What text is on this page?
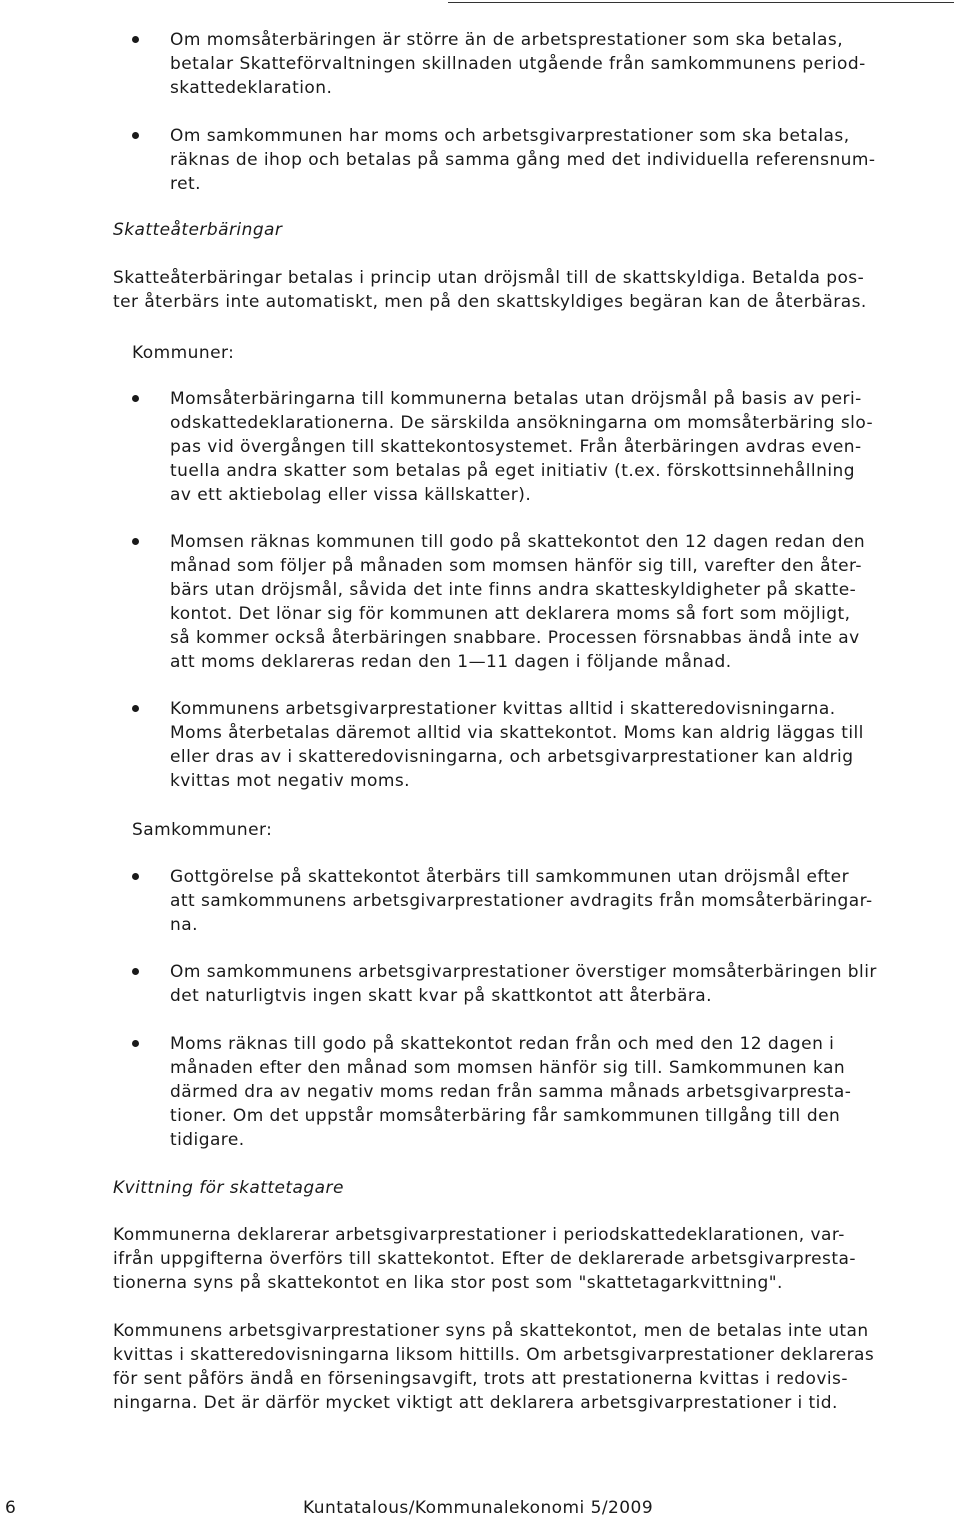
Om momsåterbäringen är större än de arbetsprestationer som ska betalas,
betalar Skatteförvaltningen skillnaden utgående från samkommunens period-
skattedeklaration.
Om samkommunen har moms och arbetsgivarprestationer som ska betalas,
räknas de ihop och betalas på samma gång med det individuella referensnum-
ret.
Skatteåterbäringar
Skatteåterbäringar betalas i princip utan dröjsmål till de skattskyldiga. Betalda pos-
ter återbärs inte automatiskt, men på den skattskyldiges begäran kan de återbäras.
Kommuner:
Momsåterbäringarna till kommunerna betalas utan dröjsmål på basis av peri-
odskattedeklarationerna. De särskilda ansökningarna om momsåterbäring slo-
pas vid övergången till skattekontosystemet. Från återbäringen avdras even-
tuella andra skatter som betalas på eget initiativ (t.ex. förskottsinnehållning
av ett aktiebolag eller vissa källskatter).
Momsen räknas kommunen till godo på skattekontot den 12 dagen redan den
månad som följer på månaden som momsen hänför sig till, varefter den åter-
bärs utan dröjsmål, såvida det inte finns andra skatteskyldigheter på skatte-
kontot. Det lönar sig för kommunen att deklarera moms så fort som möjligt,
så kommer också återbäringen snabbare. Processen försnabbas ändå inte av
att moms deklareras redan den 1—11 dagen i följande månad.
Kommunens arbetsgivarprestationer kvittas alltid i skatteredovisningarna.
Moms återbetalas däremot alltid via skattekontot. Moms kan aldrig läggas till
eller dras av i skatteredovisningarna, och arbetsgivarprestationer kan aldrig
kvittas mot negativ moms.
Samkommuner:
Gottgörelse på skattekontot återbärs till samkommunen utan dröjsmål efter
att samkommunens arbetsgivarprestationer avdragits från momsåterbäringar-
na.
Om samkommunens arbetsgivarprestationer överstiger momsåterbäringen blir
det naturligtvis ingen skatt kvar på skattkontot att återbära.
Moms räknas till godo på skattekontot redan från och med den 12 dagen i
månaden efter den månad som momsen hänför sig till. Samkommunen kan
därmed dra av negativ moms redan från samma månads arbetsgivarpresta-
tioner. Om det uppstår momsåterbäring får samkommunen tillgång till den
tidigare.
Kvittning för skattetagare
Kommunerna deklarerar arbetsgivarprestationer i periodskattedeklarationen, var-
ifrån uppgifterna överförs till skattekontot. Efter de deklarerade arbetsgivarpresta-
tionerna syns på skattekontot en lika stor post som "skattetagarkvittning".
Kommunens arbetsgivarprestationer syns på skattekontot, men de betalas inte utan
kvittas i skatteredovisningarna liksom hittills. Om arbetsgivarprestationer deklareras
för sent påförs ändå en förseningsavgift, trots att prestationerna kvittas i redovis-
ningarna. Det är därför mycket viktigt att deklarera arbetsgivarprestationer i tid.
6	Kuntatalous/Kommunalekonomi 5/2009
